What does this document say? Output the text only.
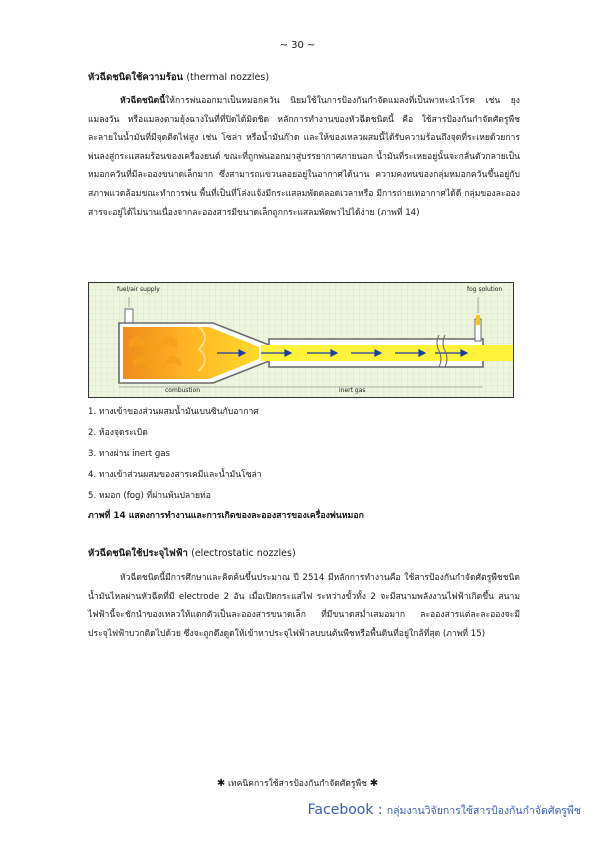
~ 30 ~
หัวฉีดชนิดใช้ความร้อน (thermal nozzles)

หัวฉีดชนิดนี้ให้การพ่นออกมาเป็นหมอกควัน นิยมใช้ในการป้องกันกำจัดแมลงที่เป็นพาหะนำโรค เช่น ยุง แมลงวัน หรือแมลงตามยุ้งฉางในที่ที่ปิดได้มิดชิด หลักการทำงานของหัวฉีดชนิดนี้ คือ ใช้สารป้องกันกำจัดศัตรูพืชละลายในน้ำมันที่มีจุดติดไฟสูง เช่น โซล่า หรือน้ำมันก๊าด และให้ของเหลวผสมนี้ได้รับความร้อนถึงจุดที่ระเหยด้วยการพ่นลงสู่กระแสลมร้อนของเครื่องยนต์ ขณะที่ถูกพ่นออกมาสู่บรรยากาศภายนอก น้ำมันที่ระเหยอยู่นั้นจะกลั่นตัวกลายเป็นหมอกควันที่มีละอองขนาดเล็กมาก ซึ่งสามารถแขวนลอยอยู่ในอากาศได้นาน ความคงทนของกลุ่มหมอกควันขึ้นอยู่กับสภาพแวดล้อมขณะทำการพ่น พื้นที่เป็นที่โล่งแจ้งมีกระแสลมพัดตลอดเวลาหรือ มีการถ่ายเทอากาศได้ดี กลุ่มของละอองสารจะอยู่ได้ไม่นานเนื่องจากละอองสารมีขนาดเล็กถูกกระแสลมพัดพาไปได้ง่าย (ภาพที่ 14)

fuel/air supply	fog solution
combustion	inert gas
1. ทางเข้าของส่วนผสมน้ำมันเบนซินกับอากาศ
2. ห้องจุดระเบิด
3. ทางผ่าน inert gas
4. ทางเข้าส่วนผสมของสารเคมีและน้ำมันโซล่า
5. หมอก (fog) ที่ผ่านพ้นปลายท่อ
ภาพที่ 14 แสดงการทำงานและการเกิดของละอองสารของเครื่องพ่นหมอก
หัวฉีดชนิดใช้ประจุไฟฟ้า (electrostatic nozzles)

หัวฉีดชนิดนี้มีการศึกษาและคิดค้นขึ้นประมาณ ปี 2514 มีหลักการทำงานคือ ใช้สารป้องกันกำจัดศัตรูพืชชนิดน้ำมันไหลผ่านหัวฉีดที่มี electrode 2 อัน เมื่อเปิดกระแสไฟ ระหว่างขั้วทั้ง 2 จะมีสนามพลังงานไฟฟ้าเกิดขึ้น สนามไฟฟ้านี้จะชักนำของเหลวให้แตกตัวเป็นละอองสารขนาดเล็ก ที่มีขนาดสม่ำเสมอมาก ละอองสารแต่ละละอองจะมีประจุไฟฟ้าบวกติดไปด้วย ซึ่งจะถูกดึงดูดให้เข้าหาประจุไฟฟ้าลบบนต้นพืชหรือพื้นดินที่อยู่ใกล้ที่สุด (ภาพที่ 15)

✱ เทคนิคการใช้สารป้องกันกำจัดศัตรูพืช ✱
Facebook : กลุ่มงานวิจัยการใช้สารป้องกันกำจัดศัตรูพืช
